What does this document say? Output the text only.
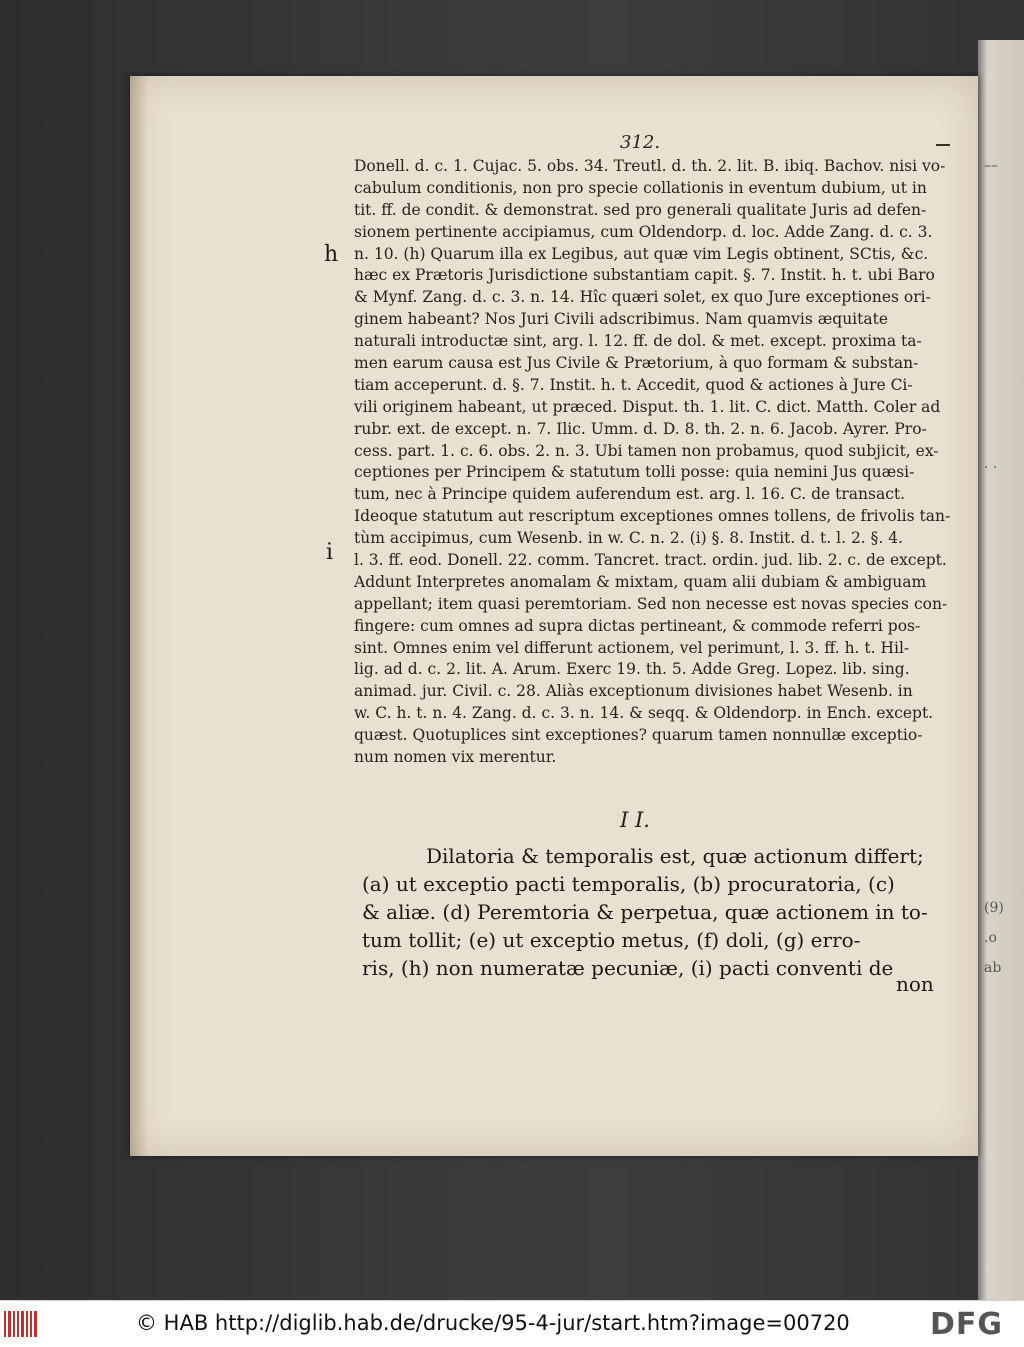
––
· ·
(9)
.o
ab
312.
h
i
Donell. d. c. 1. Cujac. 5. obs. 34. Treutl. d. th. 2. lit. B. ibiq. Bachov. nisi vo-
cabulum conditionis, non pro specie collationis in eventum dubium, ut in
tit. ff. de condit. & demonstrat. sed pro generali qualitate Juris ad defen-
sionem pertinente accipiamus, cum Oldendorp. d. loc. Adde Zang. d. c. 3.
n. 10. (h) Quarum illa ex Legibus, aut quæ vim Legis obtinent, SCtis, &c.
hæc ex Prætoris Jurisdictione substantiam capit. §. 7. Instit. h. t. ubi Baro
& Mynf. Zang. d. c. 3. n. 14. Hîc quæri solet, ex quo Jure exceptiones ori-
ginem habeant? Nos Juri Civili adscribimus. Nam quamvis æquitate
naturali introductæ sint, arg. l. 12. ff. de dol. & met. except. proxima ta-
men earum causa est Jus Civile & Prætorium, à quo formam & substan-
tiam acceperunt. d. §. 7. Instit. h. t. Accedit, quod & actiones à Jure Ci-
vili originem habeant, ut præced. Disput. th. 1. lit. C. dict. Matth. Coler ad
rubr. ext. de except. n. 7. Ilic. Umm. d. D. 8. th. 2. n. 6. Jacob. Ayrer. Pro-
cess. part. 1. c. 6. obs. 2. n. 3. Ubi tamen non probamus, quod subjicit, ex-
ceptiones per Principem & statutum tolli posse: quia nemini Jus quæsi-
tum, nec à Principe quidem auferendum est. arg. l. 16. C. de transact.
Ideoque statutum aut rescriptum exceptiones omnes tollens, de frivolis tan-
tùm accipimus, cum Wesenb. in w. C. n. 2. (i) §. 8. Instit. d. t. l. 2. §. 4.
l. 3. ff. eod. Donell. 22. comm. Tancret. tract. ordin. jud. lib. 2. c. de except.
Addunt Interpretes anomalam & mixtam, quam alii dubiam & ambiguam
appellant; item quasi peremtoriam. Sed non necesse est novas species con-
fingere: cum omnes ad supra dictas pertineant, & commode referri pos-
sint. Omnes enim vel differunt actionem, vel perimunt, l. 3. ff. h. t. Hil-
lig. ad d. c. 2. lit. A. Arum. Exerc 19. th. 5. Adde Greg. Lopez. lib. sing.
animad. jur. Civil. c. 28. Aliàs exceptionum divisiones habet Wesenb. in
w. C. h. t. n. 4. Zang. d. c. 3. n. 14. & seqq. & Oldendorp. in Ench. except.
quæst. Quotuplices sint exceptiones? quarum tamen nonnullæ exceptio-
num nomen vix merentur.
I I.
Dilatoria & temporalis est, quæ actionum differt;
(a) ut exceptio pacti temporalis, (b) procuratoria, (c)
& aliæ. (d) Peremtoria & perpetua, quæ actionem in to-
tum tollit; (e) ut exceptio metus, (f) doli, (g) erro-
ris, (h) non numeratæ pecuniæ, (i) pacti conventi de
non
© HAB http://diglib.hab.de/drucke/95-4-jur/start.htm?image=00720	DFG
